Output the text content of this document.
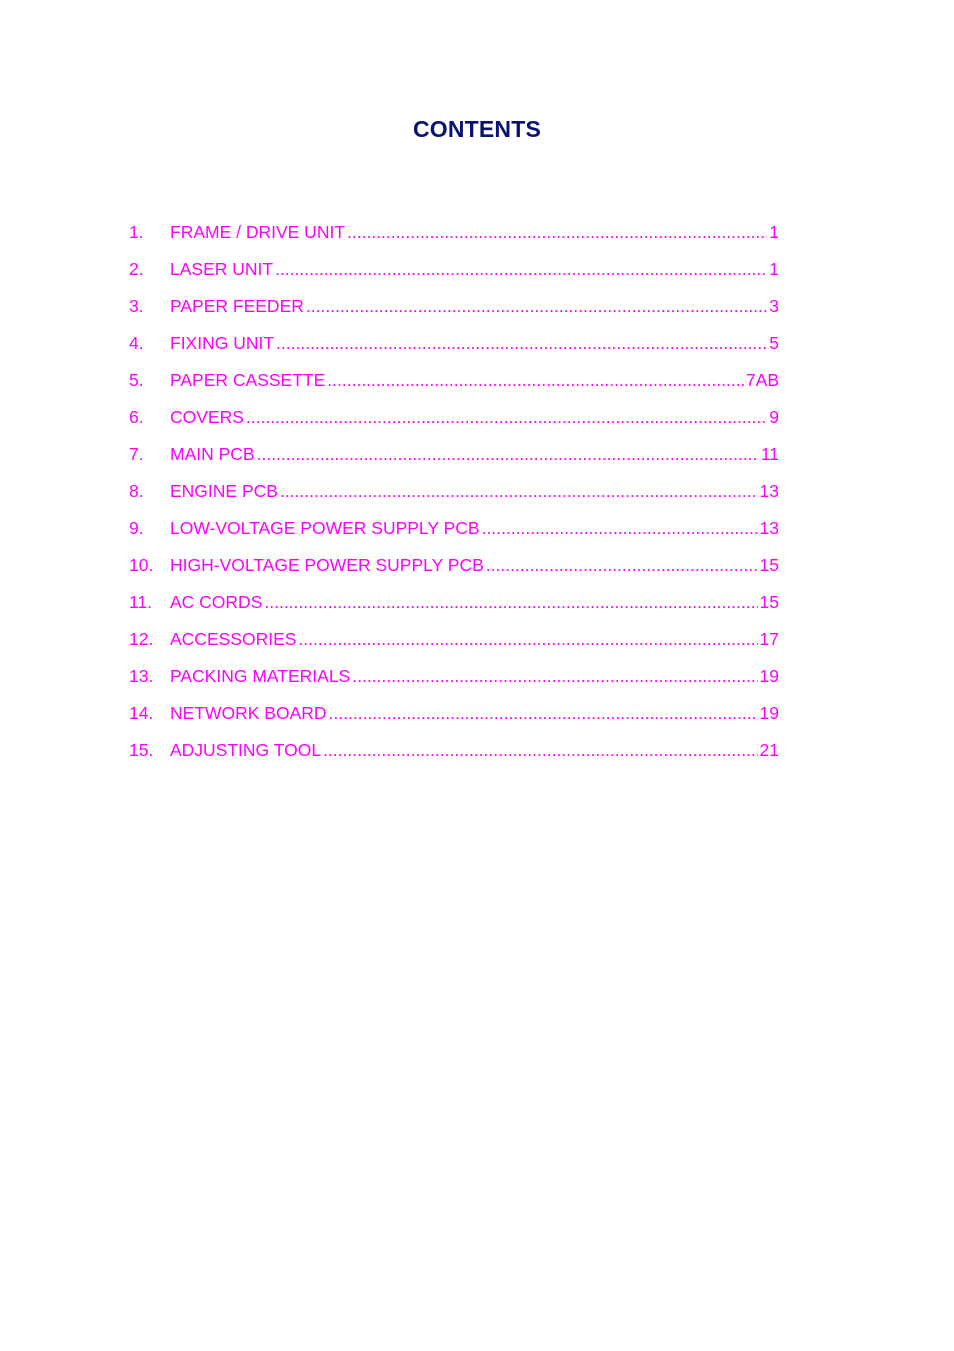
CONTENTS
1.	FRAME / DRIVE UNIT .....	1
2.	LASER UNIT .....	1
3.	PAPER FEEDER .....	3
4.	FIXING UNIT .....	5
5.	PAPER CASSETTE .....	7AB
6.	COVERS .....	9
7.	MAIN PCB .....	11
8.	ENGINE PCB .....	13
9.	LOW-VOLTAGE POWER SUPPLY PCB .....	13
10. HIGH-VOLTAGE POWER SUPPLY PCB .....	15
11.	AC CORDS .....	15
12. ACCESSORIES .....	17
13. PACKING MATERIALS .....	19
14. NETWORK BOARD .....	19
15. ADJUSTING TOOL .....	21
